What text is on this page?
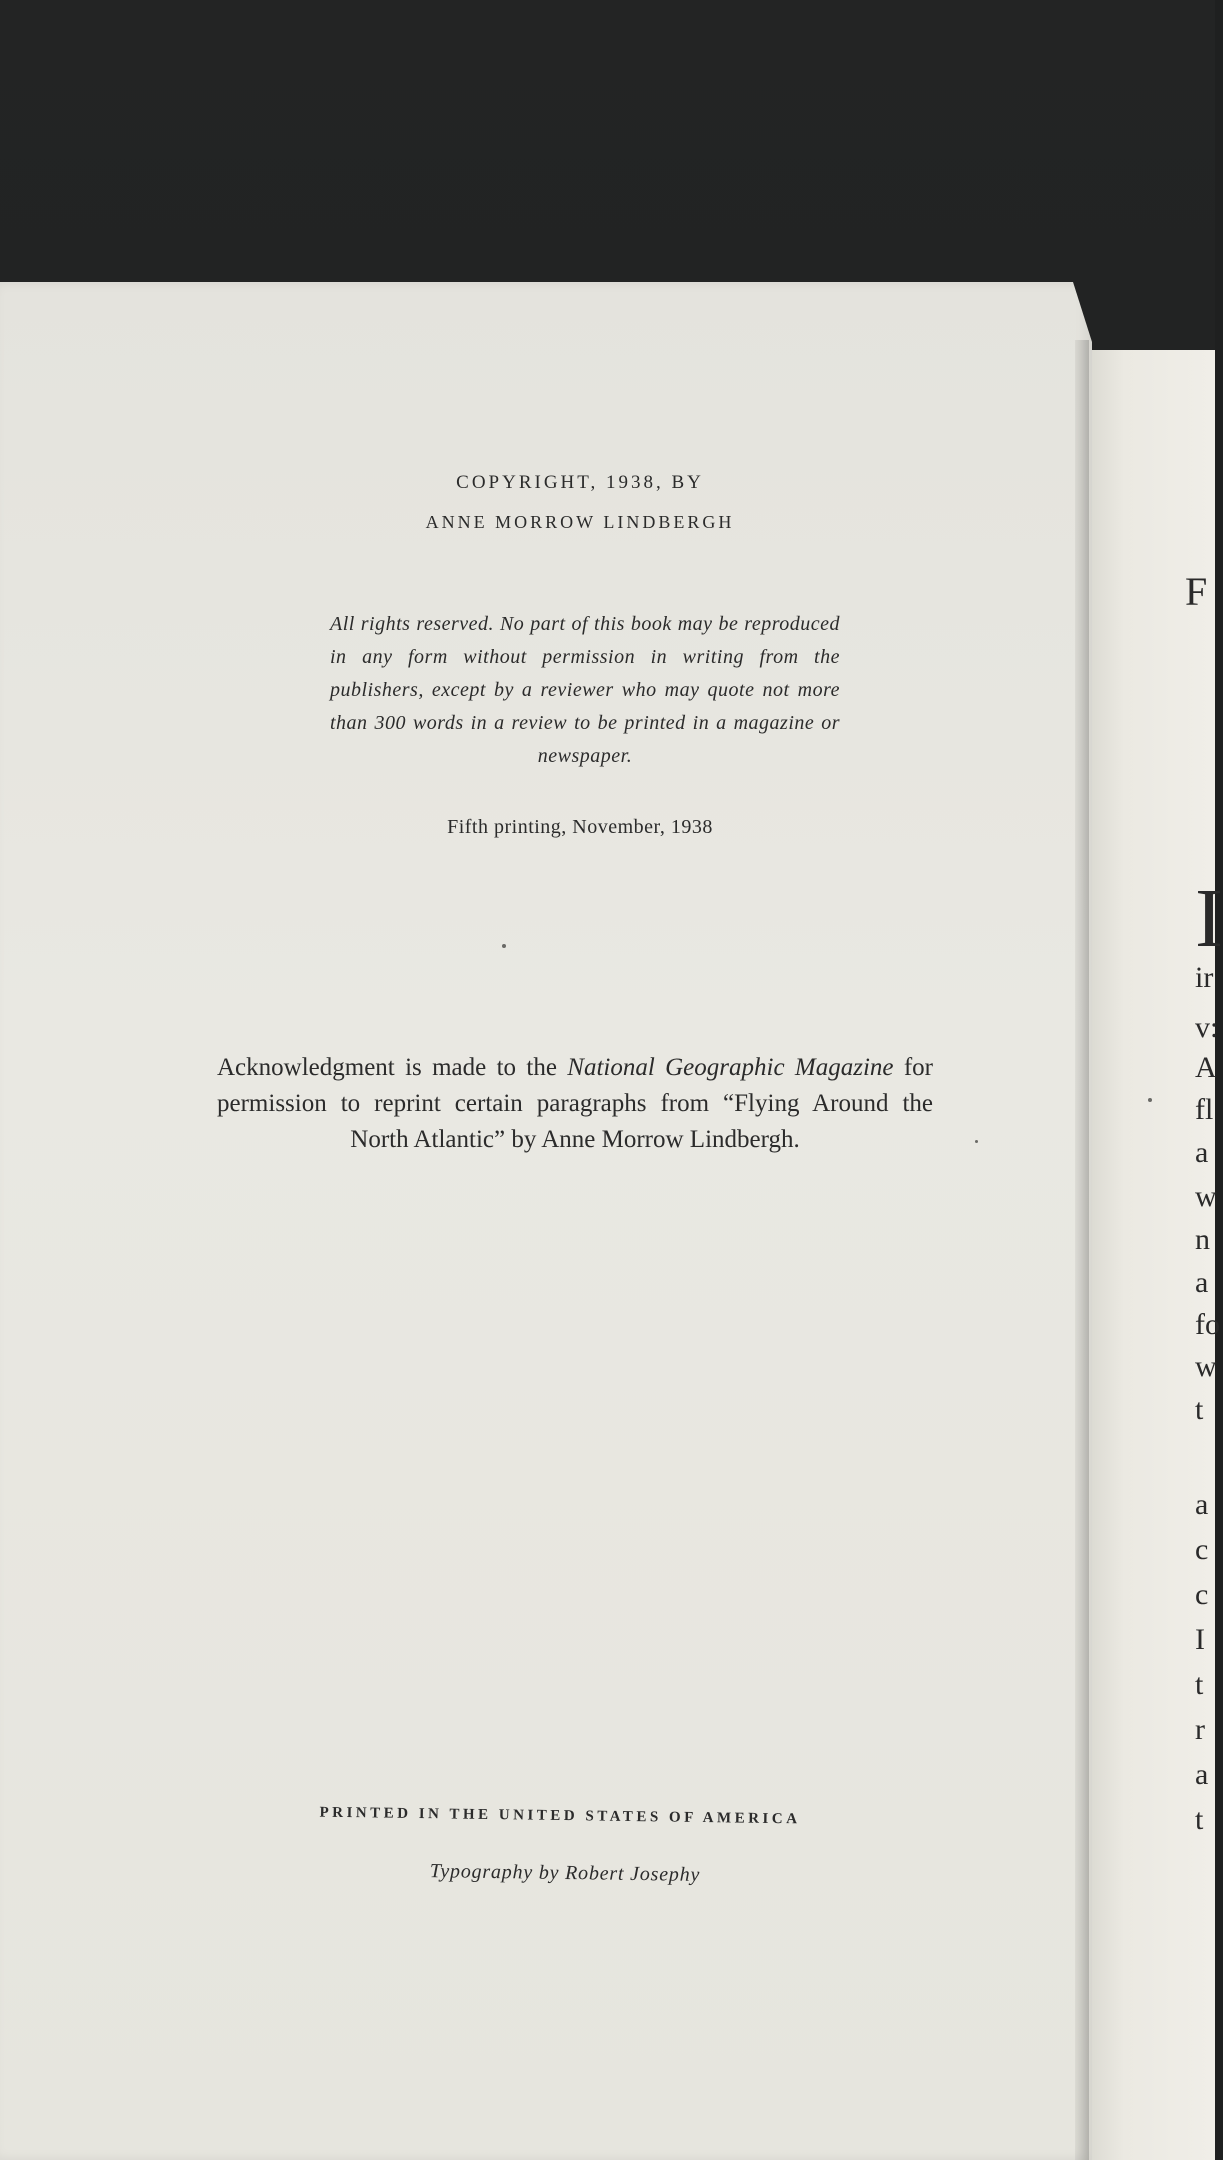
F
I
ir
v:
A
fl
a
w
n
a
fo
w
t
a
c
c
I
t
r
a
t
COPYRIGHT, 1938, BY
ANNE MORROW LINDBERGH
All rights reserved. No part of this book may be reproduced in any form without permission in writing from the publishers, except by a reviewer who may quote not more than 300 words in a review to be printed in a magazine or newspaper.
Fifth printing, November, 1938
Acknowledgment is made to the National Geographic Magazine for permission to reprint certain paragraphs from “Flying Around the North Atlantic” by Anne Morrow Lindbergh.
PRINTED IN THE UNITED STATES OF AMERICA
Typography by Robert Josephy
